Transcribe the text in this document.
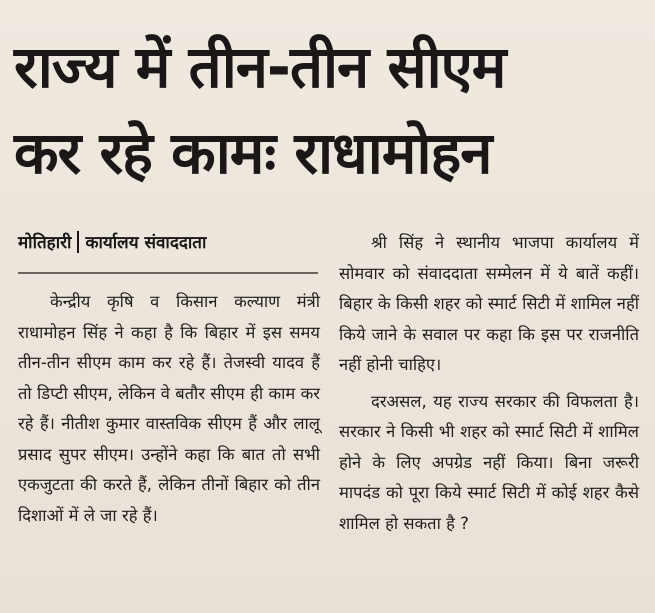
राज्य में तीन-तीन सीएम
कर रहे कामः राधामोहन
मोतिहारी कार्यालय संवाददाता

केन्द्रीय कृषि व किसान कल्याण मंत्री राधामोहन सिंह ने कहा है कि बिहार में इस समय तीन-तीन सीएम काम कर रहे हैं। तेजस्वी यादव हैं तो डिप्टी सीएम, लेकिन वे बतौर सीएम ही काम कर रहे हैं। नीतीश कुमार वास्तविक सीएम हैं और लालू प्रसाद सुपर सीएम। उन्होंने कहा कि बात तो सभी एकजुटता की करते हैं, लेकिन तीनों बिहार को तीन दिशाओं में ले जा रहे हैं।

श्री सिंह ने स्थानीय भाजपा कार्यालय में सोमवार को संवाददाता सम्मेलन में ये बातें कहीं। बिहार के किसी शहर को स्मार्ट सिटी में शामिल नहीं किये जाने के सवाल पर कहा कि इस पर राजनीति नहीं होनी चाहिए।

दरअसल, यह राज्य सरकार की विफलता है। सरकार ने किसी भी शहर को स्मार्ट सिटी में शामिल होने के लिए अपग्रेड नहीं किया। बिना जरूरी मापदंड को पूरा किये स्मार्ट सिटी में कोई शहर कैसे शामिल हो सकता है ?
